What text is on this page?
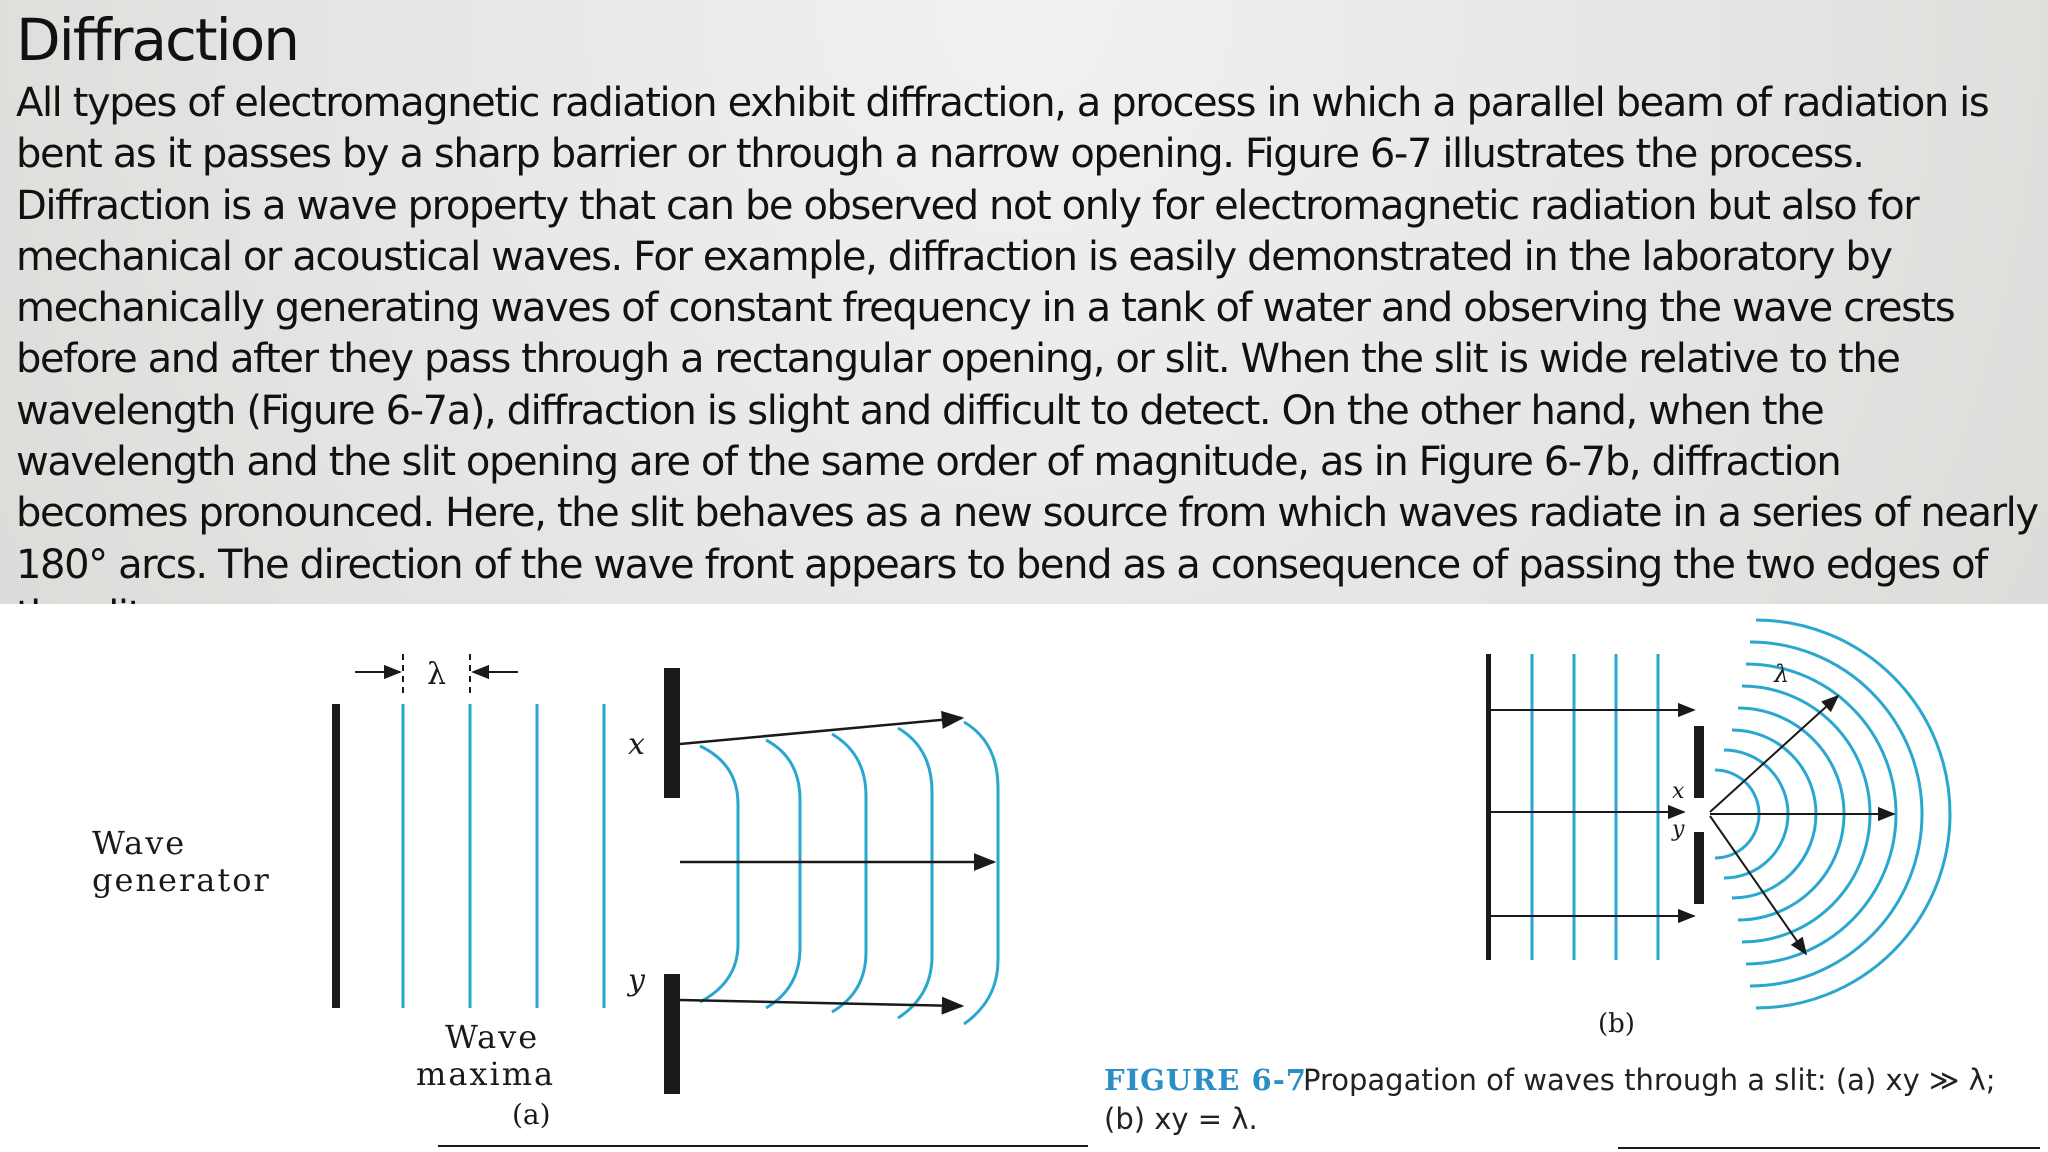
Diffraction
All types of electromagnetic radiation exhibit diffraction, a process in which a parallel beam of radiation is
bent as it passes by a sharp barrier or through a narrow opening. Figure 6-7 illustrates the process.
Diffraction is a wave property that can be observed not only for electromagnetic radiation but also for
mechanical or acoustical waves. For example, diffraction is easily demonstrated in the laboratory by
mechanically generating waves of constant frequency in a tank of water and observing the wave crests
before and after they pass through a rectangular opening, or slit. When the slit is wide relative to the
wavelength (Figure 6-7a), diffraction is slight and difficult to detect. On the other hand, when the
wavelength and the slit opening are of the same order of magnitude, as in Figure 6-7b, diffraction
becomes pronounced. Here, the slit behaves as a new source from which waves radiate in a series of nearly
180° arcs. The direction of the wave front appears to bend as a consequence of passing the two edges of
Wave
generator
λ
x
y
Wave
maxima
(a)
x
y
λ
(b)
FIGURE 6-7
Propagation of waves through a slit: (a) xy ≫ λ;
(b) xy = λ.
